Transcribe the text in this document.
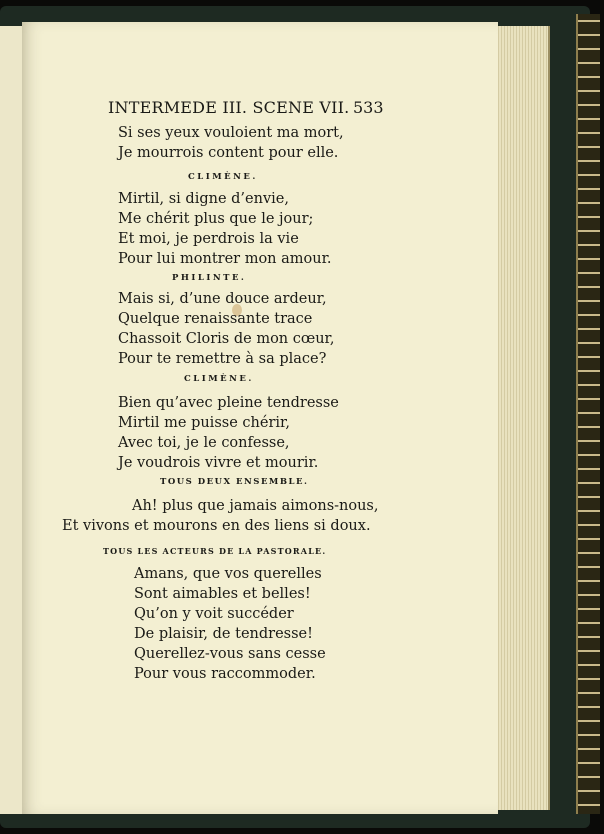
INTERMEDE III. SCENE VII. 533
Si ses yeux vouloient ma mort,
Je mourrois content pour elle.
CLIMÈNE.
Mirtil, si digne d’envie,
Me chérit plus que le jour;
Et moi, je perdrois la vie
Pour lui montrer mon amour.
PHILINTE.
Mais si, d’une douce ardeur,
Quelque renaissante trace
Chassoit Cloris de mon cœur,
Pour te remettre à sa place?
CLIMÈNE.
Bien qu’avec pleine tendresse
Mirtil me puisse chérir,
Avec toi, je le confesse,
Je voudrois vivre et mourir.
TOUS DEUX ENSEMBLE.
Ah! plus que jamais aimons-nous,
Et vivons et mourons en des liens si doux.
TOUS LES ACTEURS DE LA PASTORALE.
Amans, que vos querelles
Sont aimables et belles!
Qu’on y voit succéder
De plaisir, de tendresse!
Querellez-vous sans cesse
Pour vous raccommoder.
